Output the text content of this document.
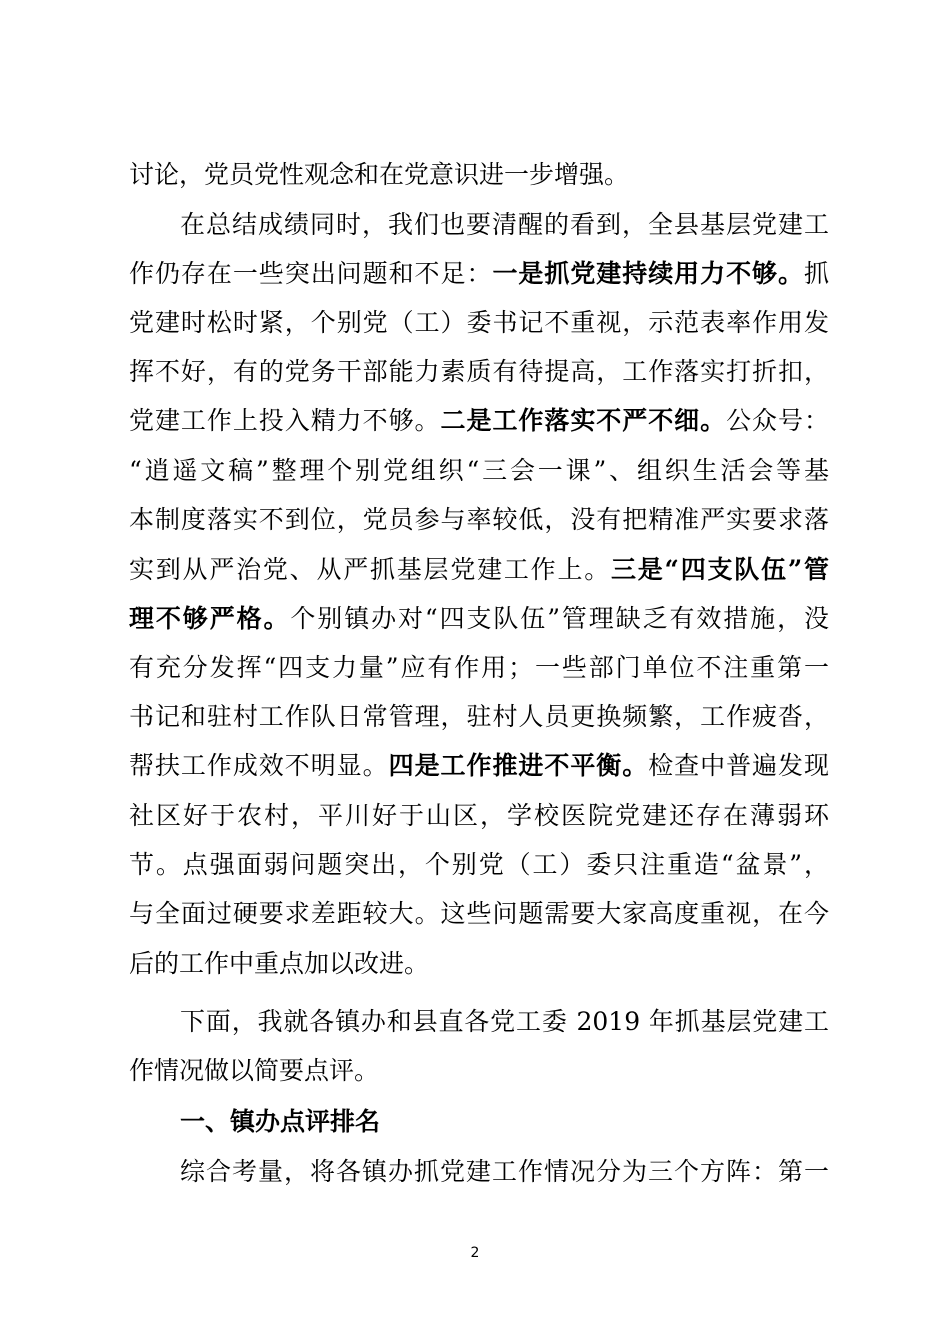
讨论，党员党性观念和在党意识进一步增强。
在总结成绩同时，我们也要清醒的看到，全县基层党建工
作仍存在一些突出问题和不足：一是抓党建持续用力不够。抓
党建时松时紧，个别党（工）委书记不重视，示范表率作用发
挥不好，有的党务干部能力素质有待提高，工作落实打折扣，
党建工作上投入精力不够。二是工作落实不严不细。公众号：
“逍遥文稿”整理个别党组织“三会一课”、组织生活会等基
本制度落实不到位，党员参与率较低，没有把精准严实要求落
实到从严治党、从严抓基层党建工作上。三是“四支队伍”管
理不够严格。个别镇办对“四支队伍”管理缺乏有效措施，没
有充分发挥“四支力量”应有作用；一些部门单位不注重第一
书记和驻村工作队日常管理，驻村人员更换频繁，工作疲沓，
帮扶工作成效不明显。四是工作推进不平衡。检查中普遍发现
社区好于农村，平川好于山区，学校医院党建还存在薄弱环
节。点强面弱问题突出，个别党（工）委只注重造“盆景”，
与全面过硬要求差距较大。这些问题需要大家高度重视，在今
后的工作中重点加以改进。
下面，我就各镇办和县直各党工委 2019 年抓基层党建工
作情况做以简要点评。
一、镇办点评排名
综合考量，将各镇办抓党建工作情况分为三个方阵：第一
2
